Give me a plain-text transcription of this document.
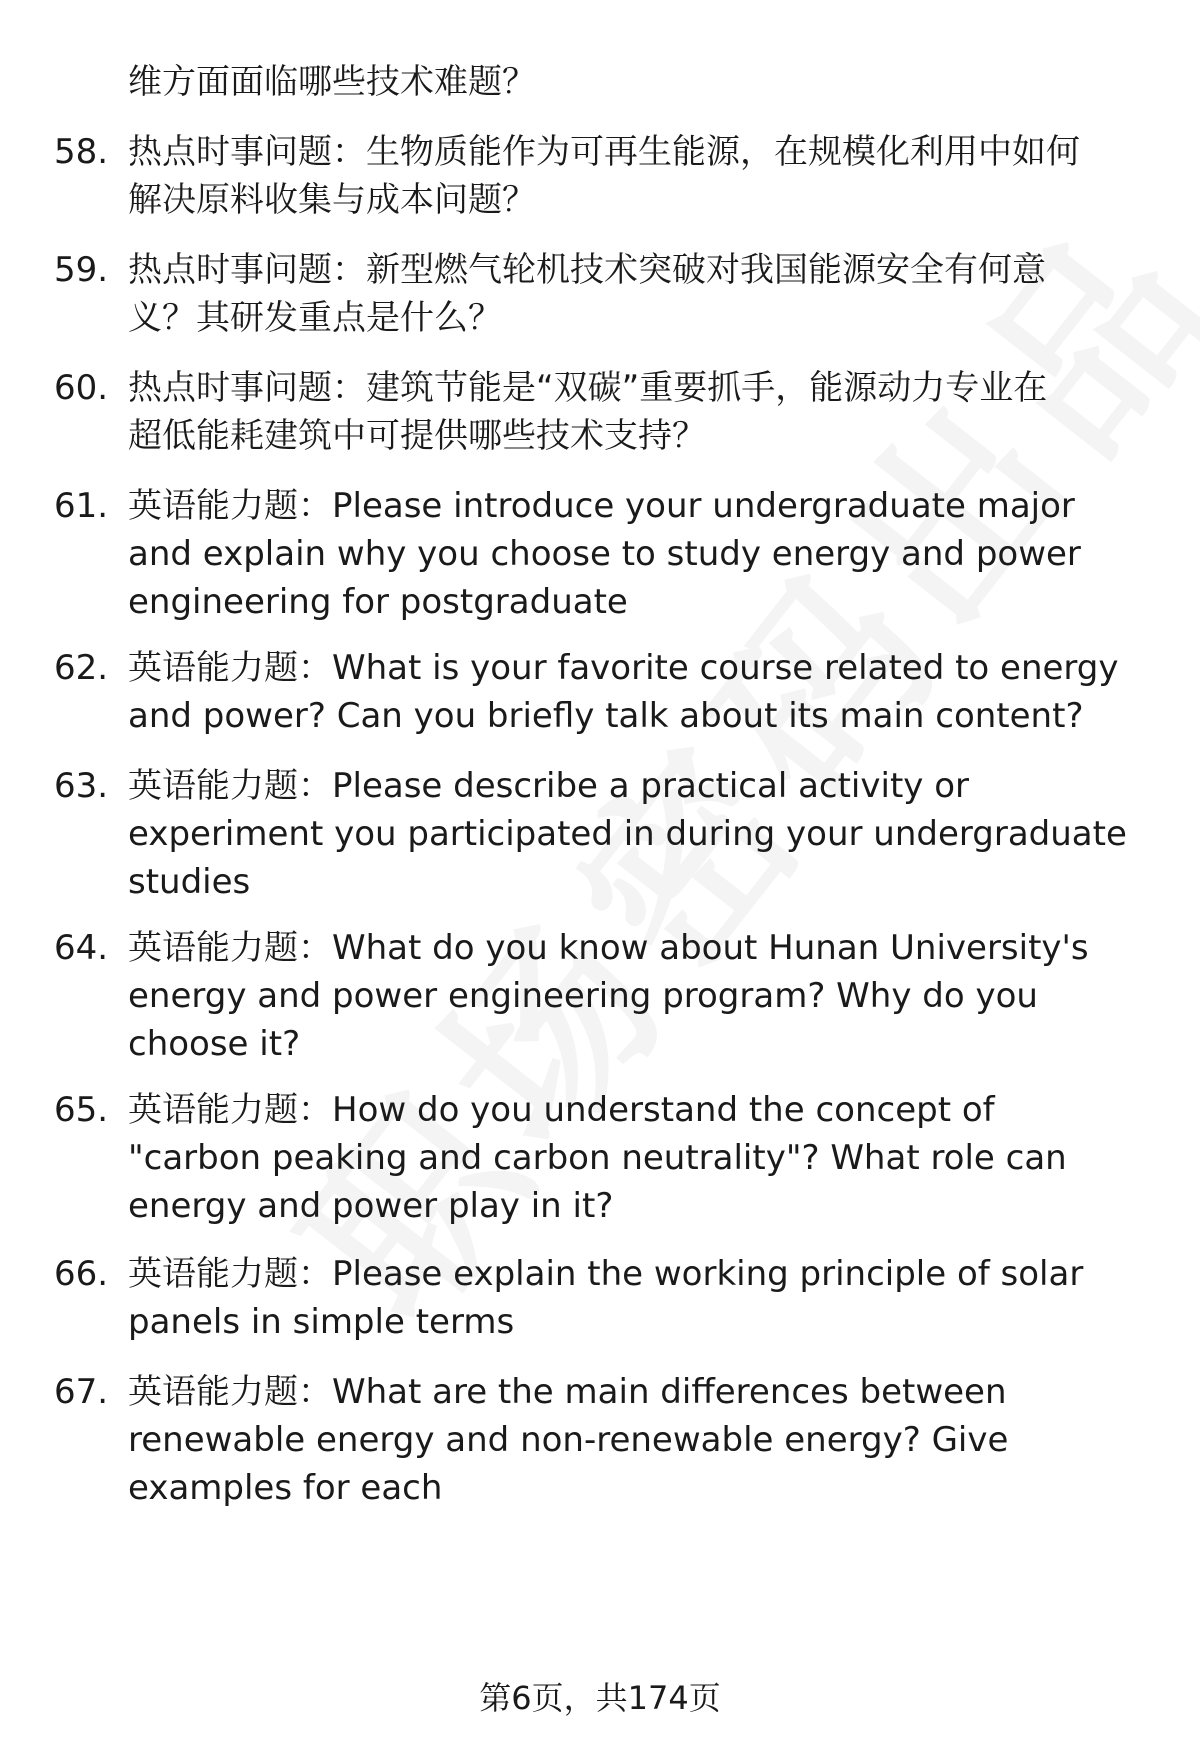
维方面面临哪些技术难题？
58. 热点时事问题：生物质能作为可再生能源，在规模化利用中如何
解决原料收集与成本问题？
59. 热点时事问题：新型燃气轮机技术突破对我国能源安全有何意
义？其研发重点是什么？
60. 热点时事问题：建筑节能是“双碳”重要抓手，能源动力专业在
超低能耗建筑中可提供哪些技术支持？
61. 英语能力题：Please introduce your undergraduate major
and explain why you choose to study energy and power
engineering for postgraduate
62. 英语能力题：What is your favorite course related to energy
and power? Can you briefly talk about its main content?
63. 英语能力题：Please describe a practical activity or
experiment you participated in during your undergraduate
studies
64. 英语能力题：What do you know about Hunan University's
energy and power engineering program? Why do you
choose it?
65. 英语能力题：How do you understand the concept of
"carbon peaking and carbon neutrality"? What role can
energy and power play in it?
66. 英语能力题：Please explain the working principle of solar
panels in simple terms
67. 英语能力题：What are the main differences between
renewable energy and non-renewable energy? Give
examples for each
第6页，共174页
